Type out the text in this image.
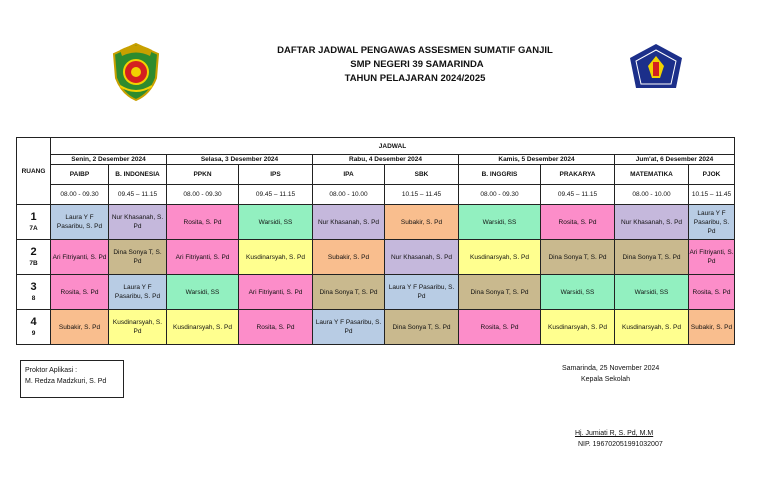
DAFTAR JADWAL PENGAWAS ASSESMEN SUMATIF GANJIL
SMP NEGERI 39 SAMARINDA
TAHUN PELAJARAN 2024/2025
RUANG	JADWAL									
	Senin, 2 Desember 2024		Selasa, 3 Desember 2024		Rabu, 4 Desember 2024		Kamis, 5 Desember 2024		Jum'at, 6 Desember 2024	
	PAIBP	B. INDONESIA	PPKN	IPS	IPA	SBK	B. INGGRIS	PRAKARYA	MATEMATIKA	PJOK
	08.00 - 09.30	09.45 – 11.15	08.00 - 09.30	09.45 – 11.15	08.00 - 10.00	10.15 – 11.45	08.00 - 09.30	09.45 – 11.15	08.00 - 10.00	10.15 – 11.45

1
7A	Laura Y F Pasaribu, S. Pd	Nur Khasanah, S. Pd	Rosita, S. Pd	Warsidi, SS	Nur Khasanah, S. Pd	Subakir, S. Pd	Warsidi, SS	Rosita, S. Pd	Nur Khasanah, S. Pd	Laura Y F Pasaribu, S. Pd

2
7B	Ari Fitriyanti, S. Pd	Dina Sonya T, S. Pd	Ari Fitriyanti, S. Pd	Kusdinarsyah, S. Pd	Subakir, S. Pd	Nur Khasanah, S. Pd	Kusdinarsyah, S. Pd	Dina Sonya T, S. Pd	Dina Sonya T, S. Pd	Ari Fitriyanti, S. Pd

3
8	Rosita, S. Pd	Laura Y F Pasaribu, S. Pd	Warsidi, SS	Ari Fitriyanti, S. Pd	Dina Sonya T, S. Pd	Laura Y F Pasaribu, S. Pd	Dina Sonya T, S. Pd	Warsidi, SS	Warsidi, SS	Rosita, S. Pd

4
9	Subakir, S. Pd	Kusdinarsyah, S. Pd	Kusdinarsyah, S. Pd	Rosita, S. Pd	Laura Y F Pasaribu, S. Pd	Dina Sonya T, S. Pd	Rosita, S. Pd	Kusdinarsyah, S. Pd	Kusdinarsyah, S. Pd	Subakir, S. Pd
Proktor Aplikasi :
M. Redza Madzkuri, S. Pd
Samarinda, 25 November 2024
Kepala Sekolah
Hj. Jumiati R, S. Pd, M.M
NIP. 196702051991032007
